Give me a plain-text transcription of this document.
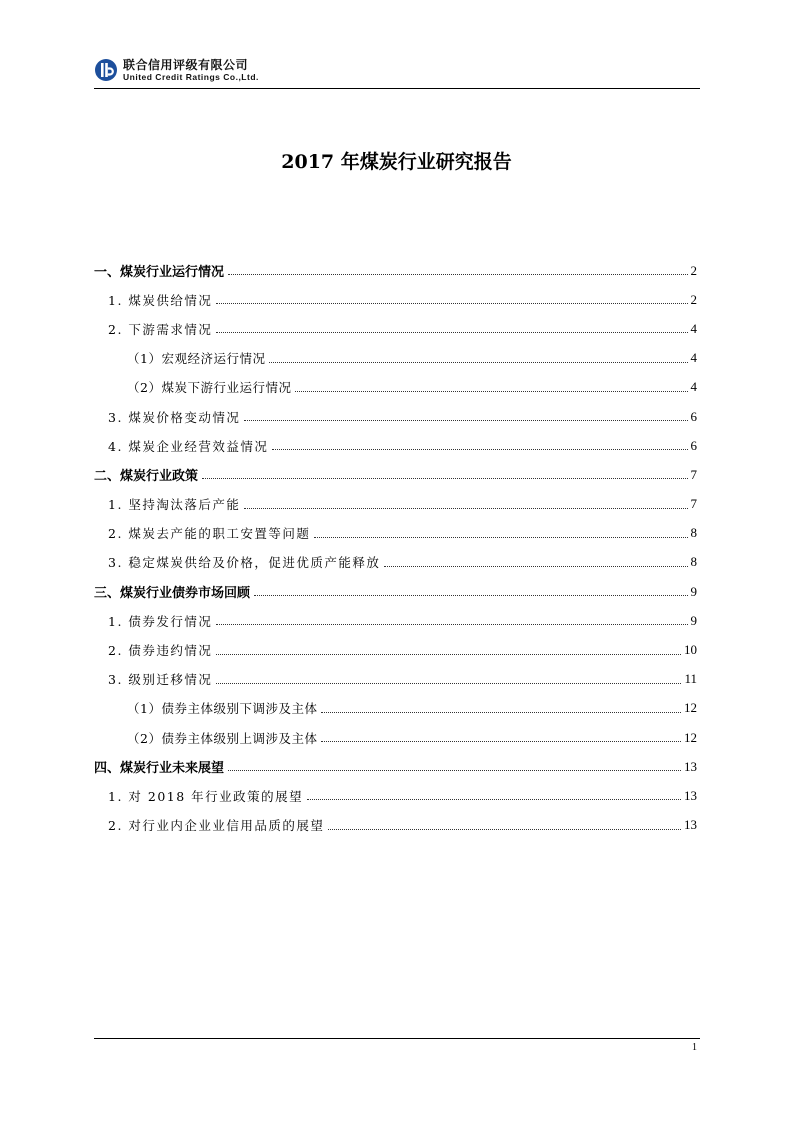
联合信用评级有限公司
United Credit Ratings Co.,Ltd.
2017 年煤炭行业研究报告
一、煤炭行业运行情况	2
1. 煤炭供给情况	2
2. 下游需求情况	4
（1）宏观经济运行情况	4
（2）煤炭下游行业运行情况	4
3. 煤炭价格变动情况	6
4. 煤炭企业经营效益情况	6
二、煤炭行业政策	7
1. 坚持淘汰落后产能	7
2. 煤炭去产能的职工安置等问题	8
3. 稳定煤炭供给及价格，促进优质产能释放	8
三、煤炭行业债券市场回顾	9
1. 债券发行情况	9
2. 债券违约情况	10
3. 级别迁移情况	11
（1）债券主体级别下调涉及主体	12
（2）债券主体级别上调涉及主体	12
四、煤炭行业未来展望	13
1. 对 2018 年行业政策的展望	13
2. 对行业内企业业信用品质的展望	13
1
